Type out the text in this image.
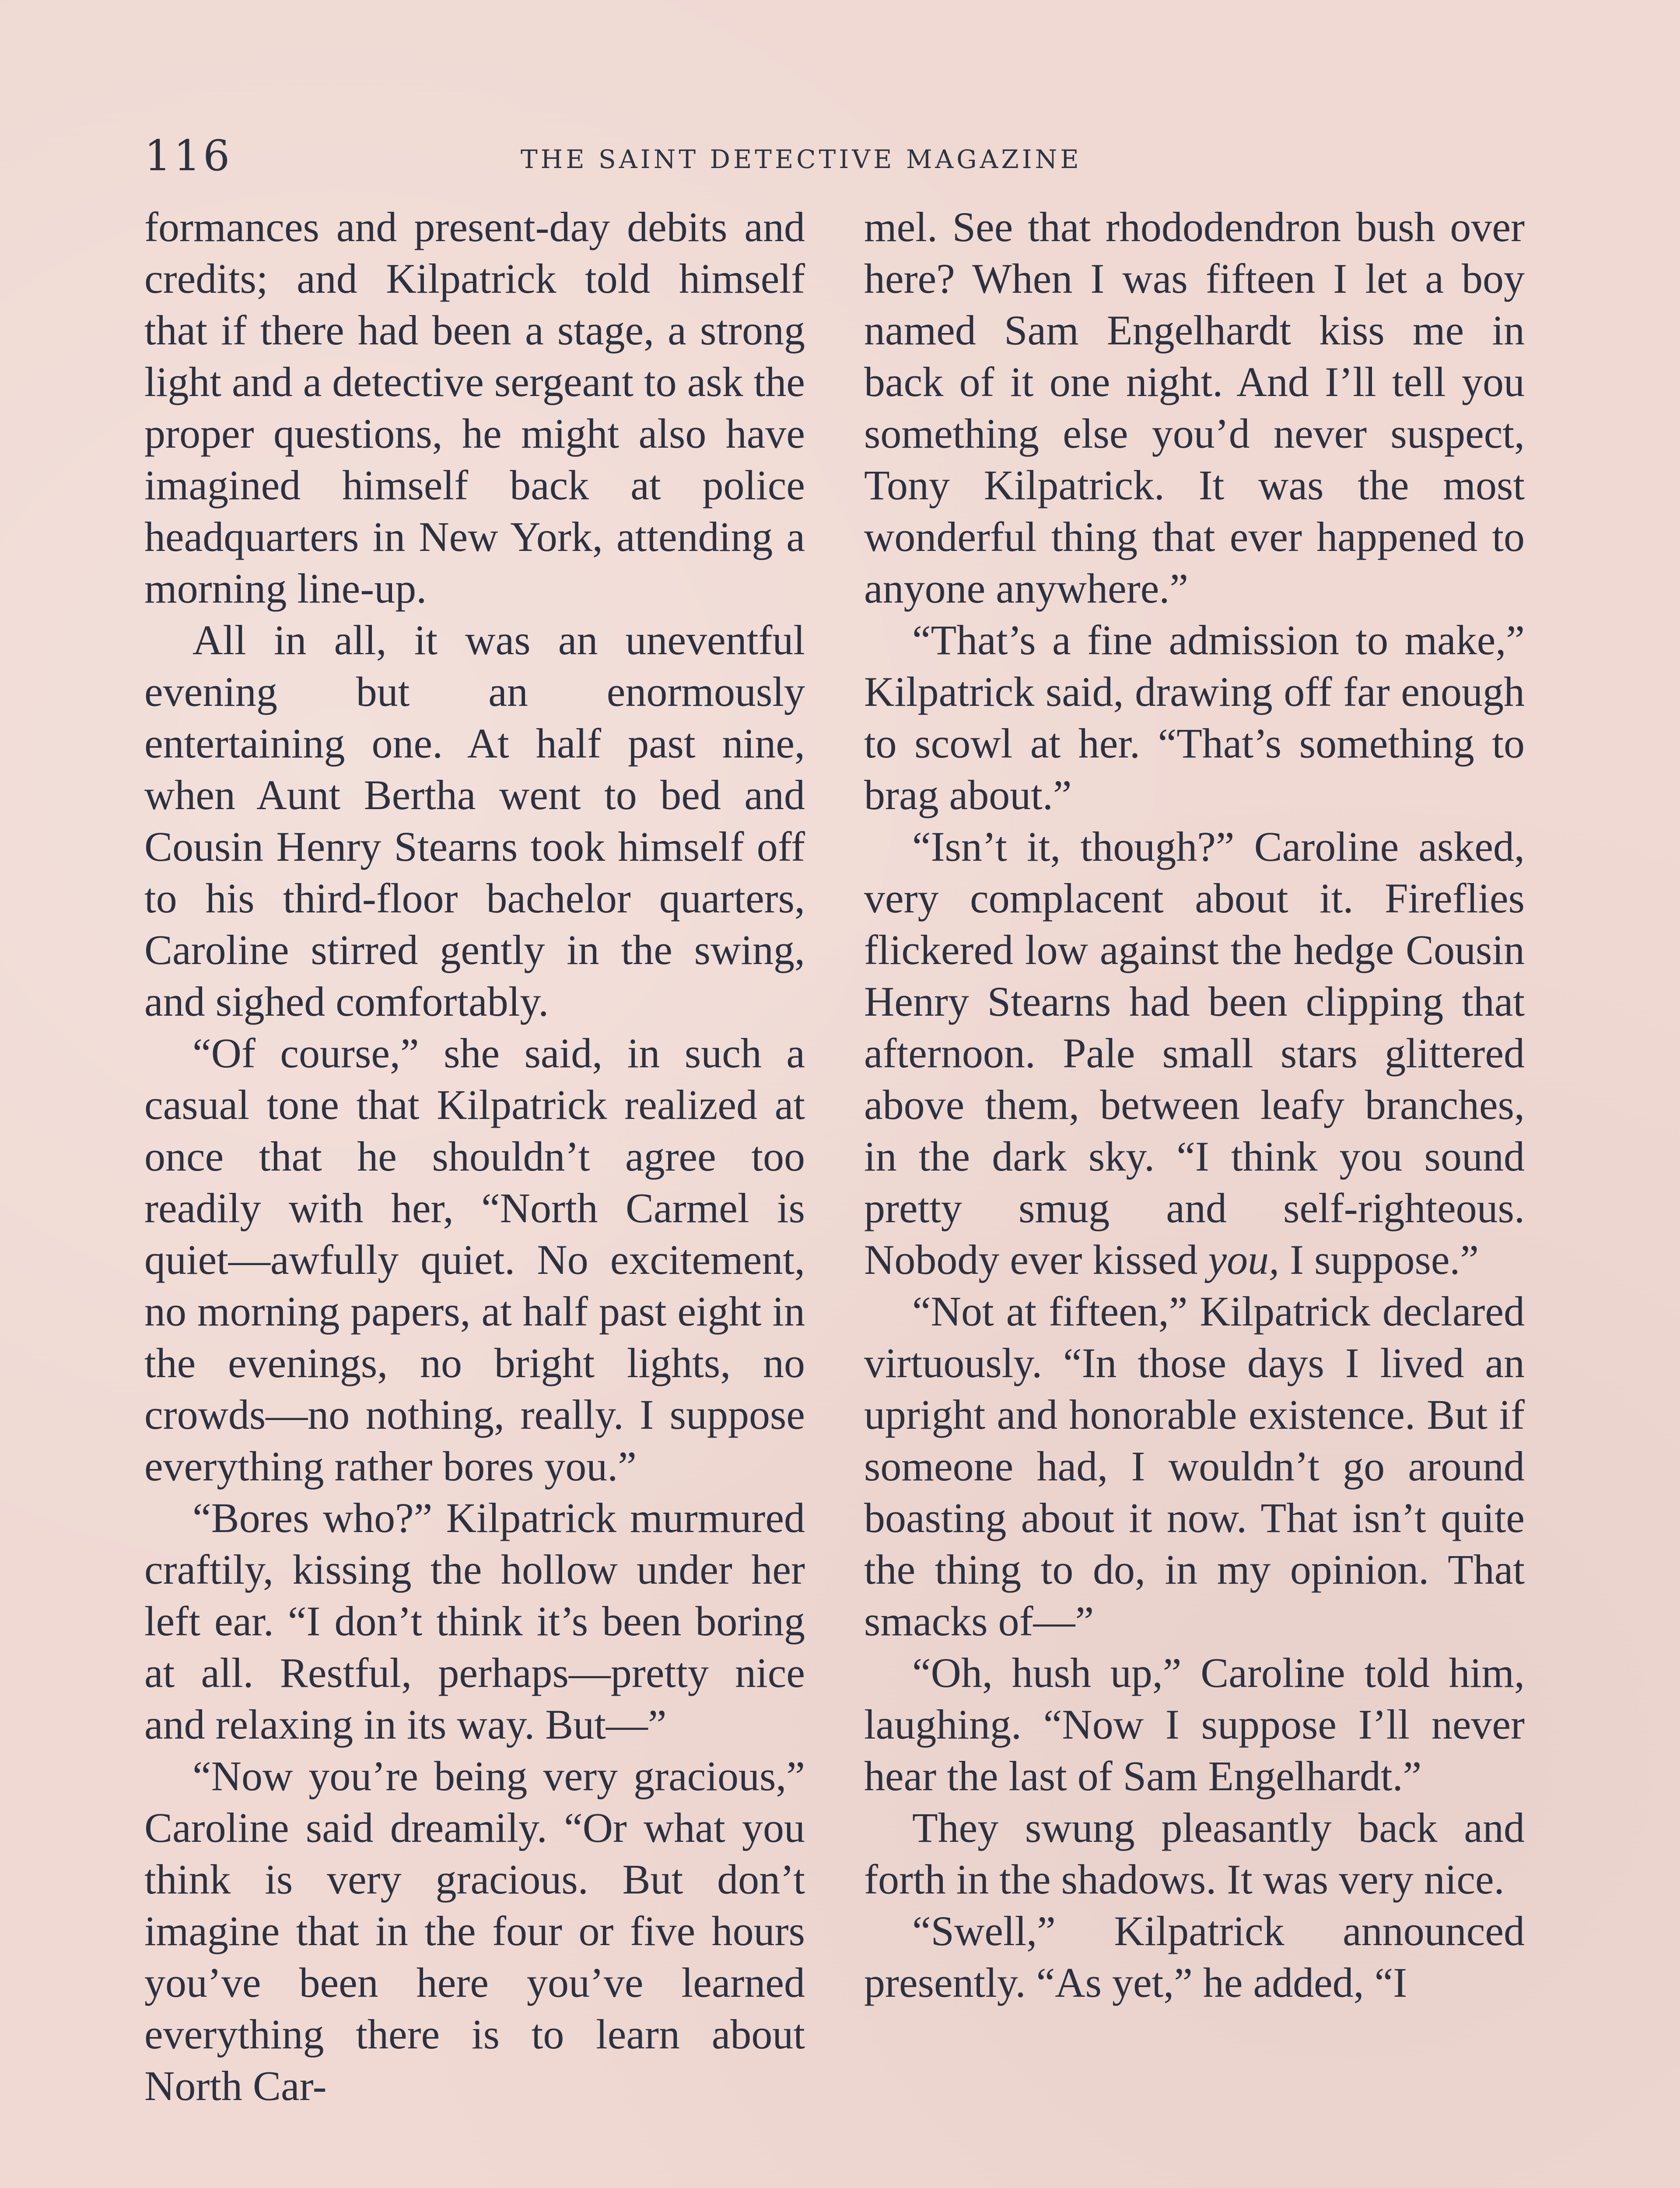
116	THE SAINT DETECTIVE MAGAZINE

formances and present-day debits and credits; and Kilpatrick told himself that if there had been a stage, a strong light and a detective sergeant to ask the proper questions, he might also have imagined himself back at police headquarters in New York, attending a morning line-up.

All in all, it was an uneventful evening but an enormously entertaining one. At half past nine, when Aunt Bertha went to bed and Cousin Henry Stearns took himself off to his third-floor bachelor quarters, Caroline stirred gently in the swing, and sighed comfortably.

“Of course,” she said, in such a casual tone that Kilpatrick realized at once that he shouldn’t agree too readily with her, “North Carmel is quiet—awfully quiet. No excitement, no morning papers, at half past eight in the evenings, no bright lights, no crowds—no nothing, really. I suppose everything rather bores you.”

“Bores who?” Kilpatrick murmured craftily, kissing the hollow under her left ear. “I don’t think it’s been boring at all. Restful, perhaps—pretty nice and relaxing in its way. But—”

“Now you’re being very gracious,” Caroline said dreamily. “Or what you think is very gracious. But don’t imagine that in the four or five hours you’ve been here you’ve learned everything there is to learn about North Car-

mel. See that rhododendron bush over here? When I was fifteen I let a boy named Sam Engelhardt kiss me in back of it one night. And I’ll tell you something else you’d never suspect, Tony Kilpatrick. It was the most wonderful thing that ever happened to anyone anywhere.”

“That’s a fine admission to make,” Kilpatrick said, drawing off far enough to scowl at her. “That’s something to brag about.”

“Isn’t it, though?” Caroline asked, very complacent about it. Fireflies flickered low against the hedge Cousin Henry Stearns had been clipping that afternoon. Pale small stars glittered above them, between leafy branches, in the dark sky. “I think you sound pretty smug and self-righteous. Nobody ever kissed you, I suppose.”

“Not at fifteen,” Kilpatrick declared virtuously. “In those days I lived an upright and honorable existence. But if someone had, I wouldn’t go around boasting about it now. That isn’t quite the thing to do, in my opinion. That smacks of—”

“Oh, hush up,” Caroline told him, laughing. “Now I suppose I’ll never hear the last of Sam Engelhardt.”

They swung pleasantly back and forth in the shadows. It was very nice.

“Swell,” Kilpatrick announced presently. “As yet,” he added, “I
